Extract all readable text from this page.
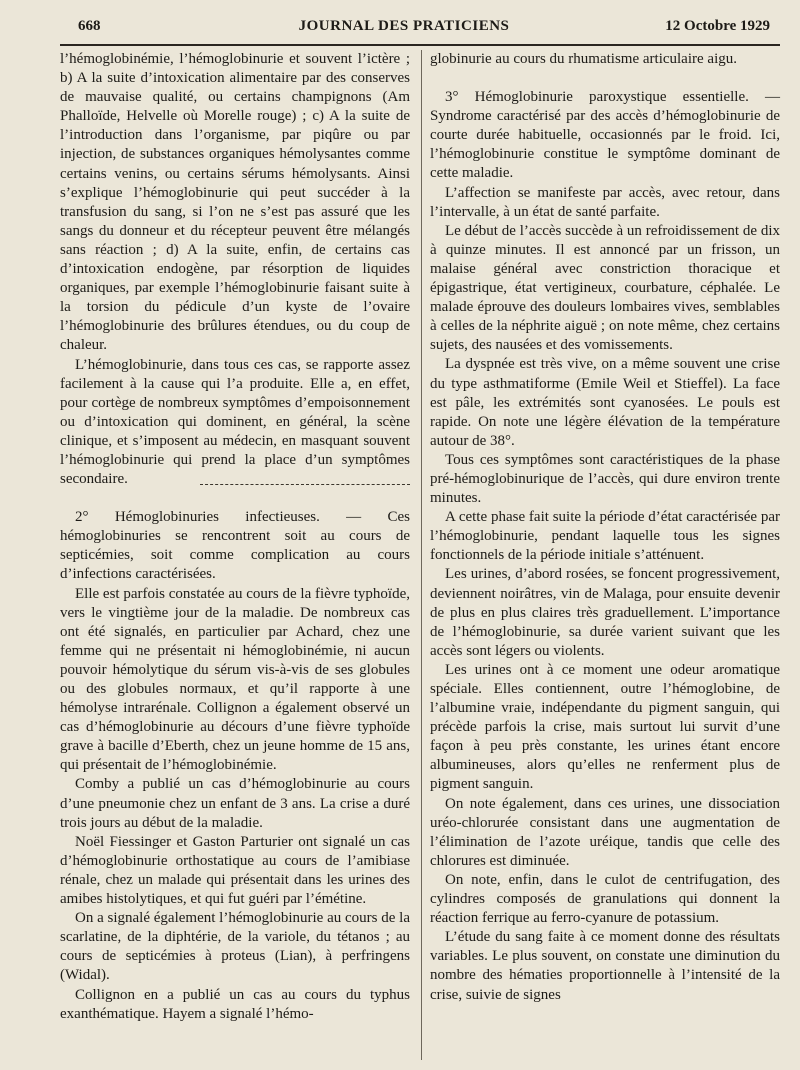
668	JOURNAL DES PRATICIENS	12 Octobre 1929

l’hémoglobinémie, l’hémoglobinurie et souvent l’ictère ; b) A la suite d’intoxication alimentaire par des conserves de mauvaise qualité, ou certains champignons (Am Phalloïde, Helvelle où Morelle rouge) ; c) A la suite de l’introduction dans l’organisme, par piqûre ou par injection, de substances organiques hémolysantes comme certains venins, ou certains sérums hémolysants. Ainsi s’explique l’hémoglobinurie qui peut succéder à la transfusion du sang, si l’on ne s’est pas assuré que les sangs du donneur et du récepteur peuvent être mélangés sans réaction ; d) A la suite, enfin, de certains cas d’intoxication endogène, par résorption de liquides organiques, par exemple l’hémoglobinurie faisant suite à la torsion du pédicule d’un kyste de l’ovaire l’hémoglobinurie des brûlures étendues, ou du coup de chaleur.

L’hémoglobinurie, dans tous ces cas, se rapporte assez facilement à la cause qui l’a produite. Elle a, en effet, pour cortège de nombreux symptômes d’empoisonnement ou d’intoxication qui dominent, en général, la scène clinique, et s’imposent au médecin, en masquant souvent l’hémoglobinurie qui prend la place d’un symptômes secondaire.

2° Hémoglobinuries infectieuses. — Ces hémoglobinuries se rencontrent soit au cours de septicémies, soit comme complication au cours d’infections caractérisées.

Elle est parfois constatée au cours de la fièvre typhoïde, vers le vingtième jour de la maladie. De nombreux cas ont été signalés, en particulier par Achard, chez une femme qui ne présentait ni hémoglobinémie, ni aucun pouvoir hémolytique du sérum vis-à-vis de ses globules ou des globules normaux, et qu’il rapporte à une hémolyse intrarénale. Collignon a également observé un cas d’hémoglobinurie au décours d’une fièvre typhoïde grave à bacille d’Eberth, chez un jeune homme de 15 ans, qui présentait de l’hémoglobinémie.

Comby a publié un cas d’hémoglobinurie au cours d’une pneumonie chez un enfant de 3 ans. La crise a duré trois jours au début de la maladie.

Noël Fiessinger et Gaston Parturier ont signalé un cas d’hémoglobinurie orthostatique au cours de l’amibiase rénale, chez un malade qui présentait dans les urines des amibes histolytiques, et qui fut guéri par l’émétine.

On a signalé également l’hémoglobinurie au cours de la scarlatine, de la diphtérie, de la variole, du tétanos ; au cours de septicémies à proteus (Lian), à perfringens (Widal).

Collignon en a publié un cas au cours du typhus exanthématique. Hayem a signalé l’hémo-

globinurie au cours du rhumatisme articulaire aigu.

3° Hémoglobinurie paroxystique essentielle. — Syndrome caractérisé par des accès d’hémoglobinurie de courte durée habituelle, occasionnés par le froid. Ici, l’hémoglobinurie constitue le symptôme dominant de cette maladie.

L’affection se manifeste par accès, avec retour, dans l’intervalle, à un état de santé parfaite.

Le début de l’accès succède à un refroidissement de dix à quinze minutes. Il est annoncé par un frisson, un malaise général avec constriction thoracique et épigastrique, état vertigineux, courbature, céphalée. Le malade éprouve des douleurs lombaires vives, semblables à celles de la néphrite aiguë ; on note même, chez certains sujets, des nausées et des vomissements.

La dyspnée est très vive, on a même souvent une crise du type asthmatiforme (Emile Weil et Stieffel). La face est pâle, les extrémités sont cyanosées. Le pouls est rapide. On note une légère élévation de la température autour de 38°.

Tous ces symptômes sont caractéristiques de la phase pré-hémoglobinurique de l’accès, qui dure environ trente minutes.

A cette phase fait suite la période d’état caractérisée par l’hémoglobinurie, pendant laquelle tous les signes fonctionnels de la période initiale s’atténuent.

Les urines, d’abord rosées, se foncent progressivement, deviennent noirâtres, vin de Malaga, pour ensuite devenir de plus en plus claires très graduellement. L’importance de l’hémoglobinurie, sa durée varient suivant que les accès sont légers ou violents.

Les urines ont à ce moment une odeur aromatique spéciale. Elles contiennent, outre l’hémoglobine, de l’albumine vraie, indépendante du pigment sanguin, qui précède parfois la crise, mais surtout lui survit d’une façon à peu près constante, les urines étant encore albumineuses, alors qu’elles ne renferment plus de pigment sanguin.

On note également, dans ces urines, une dissociation uréo-chlorurée consistant dans une augmentation de l’élimination de l’azote uréique, tandis que celle des chlorures est diminuée.

On note, enfin, dans le culot de centrifugation, des cylindres composés de granulations qui donnent la réaction ferrique au ferro-cyanure de potassium.

L’étude du sang faite à ce moment donne des résultats variables. Le plus souvent, on constate une diminution du nombre des hématies proportionnelle à l’intensité de la crise, suivie de signes
